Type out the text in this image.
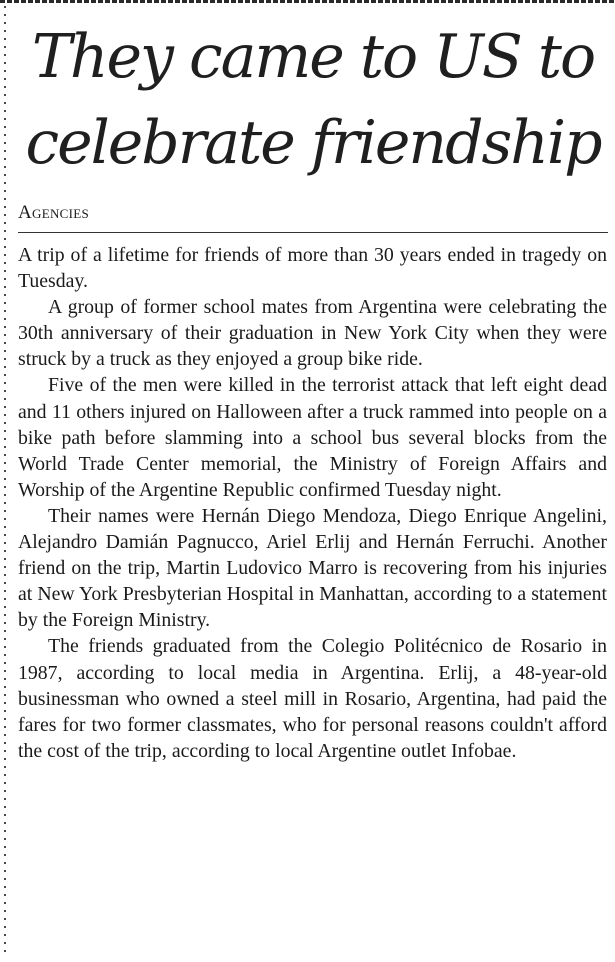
They came to US to celebrate friendship
Agencies

A trip of a lifetime for friends of more than 30 years ended in tragedy on Tuesday.

A group of former school mates from Argentina were celebrating the 30th anniversary of their graduation in New York City when they were struck by a truck as they enjoyed a group bike ride.

Five of the men were killed in the terrorist attack that left eight dead and 11 others injured on Halloween after a truck rammed into people on a bike path before slamming into a school bus several blocks from the World Trade Center memorial, the Ministry of Foreign Affairs and Worship of the Argentine Republic confirmed Tuesday night.

Their names were Hernán Diego Mendoza, Diego Enrique Angelini, Alejandro Damián Pagnucco, Ariel Erlij and Hernán Ferruchi. Another friend on the trip, Martin Ludovico Marro is recovering from his injuries at New York Presbyterian Hospital in Manhattan, according to a statement by the Foreign Ministry.

The friends graduated from the Colegio Politécnico de Rosario in 1987, according to local media in Argentina. Erlij, a 48-year-old businessman who owned a steel mill in Rosario, Argentina, had paid the fares for two former classmates, who for personal reasons couldn't afford the cost of the trip, according to local Argentine outlet Infobae.
